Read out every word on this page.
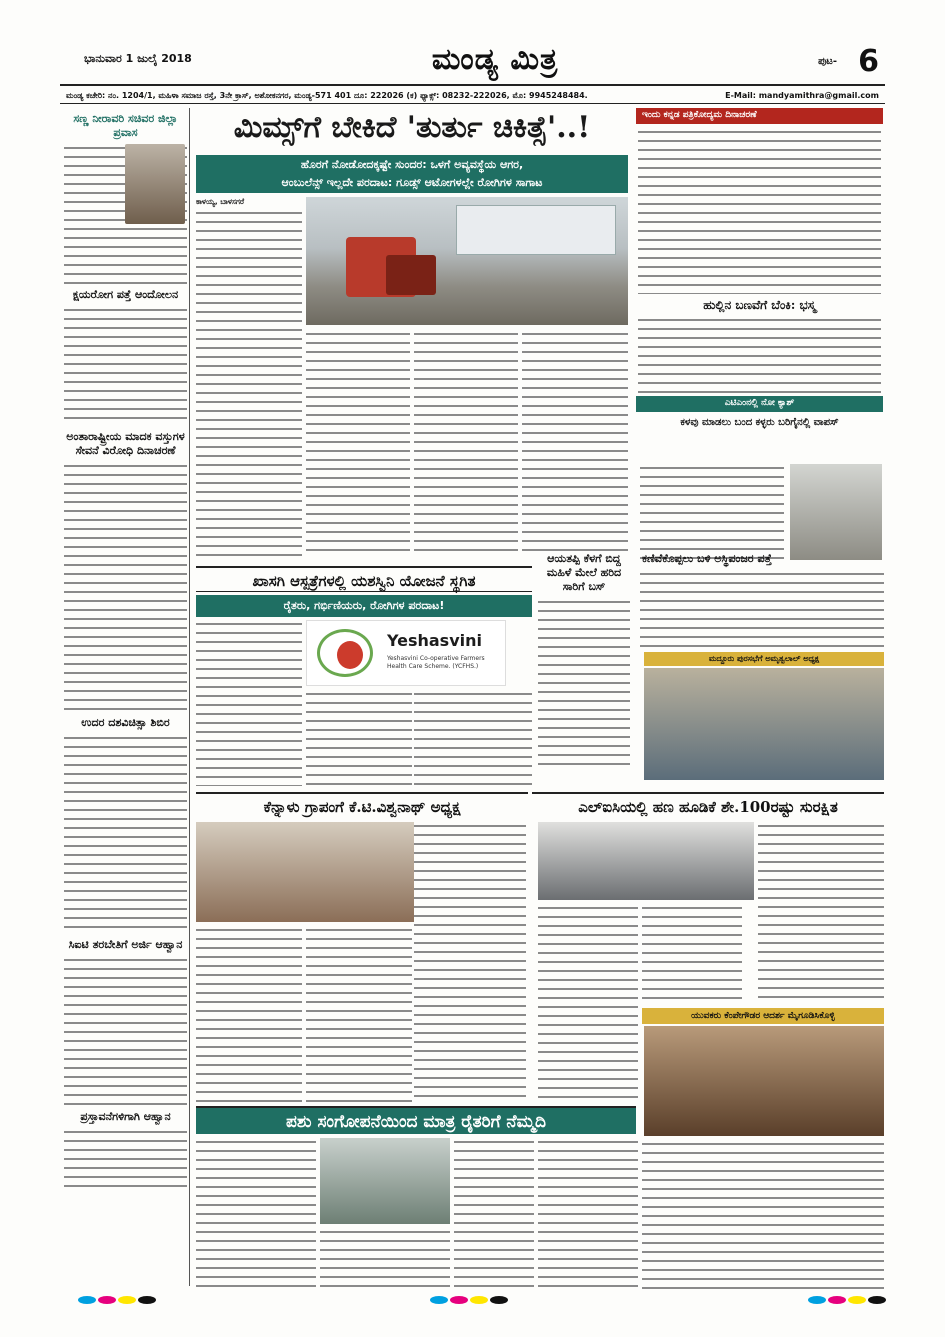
ಭಾನುವಾರ 1 ಜುಲೈ 2018	ಮಂಡ್ಯ ಮಿತ್ರ	ಪುಟ- 6
ಮಂಡ್ಯ ಕಚೇರಿ: ನಂ. 1204/1, ಮಹಿಳಾ ಸಮಾಜ ರಸ್ತೆ, 3ನೇ ಕ್ರಾಸ್, ಅಶೋಕನಗರ, ಮಂಡ್ಯ-571 401 ದೂ: 222026 (ಕ) ಫ್ಯಾಕ್ಸ್: 08232-222026, ಮೊ: 9945248484.	E-Mail: mandyamithra@gmail.com
ಸಣ್ಣ ನೀರಾವರಿ ಸಚಿವರ ಜಿಲ್ಲಾ ಪ್ರವಾಸ
ಕ್ಷಯರೋಗ ಪತ್ತೆ ಆಂದೋಲನ
ಅಂತಾರಾಷ್ಟ್ರೀಯ ಮಾದಕ ವಸ್ತುಗಳ ಸೇವನೆ ವಿರೋಧಿ ದಿನಾಚರಣೆ
ಉದರ ದಶವಿಚಿತ್ಸಾ ಶಿಬಿರ
ಸಿಐಟಿ ತರಬೇತಿಗೆ ಅರ್ಜಿ ಆಹ್ವಾನ
ಪ್ರಸ್ತಾವನೆಗಳಿಗಾಗಿ ಆಹ್ವಾನ
ಮಿಮ್ಸ್‌ಗೆ ಬೇಕಿದೆ 'ತುರ್ತು ಚಿಕಿತ್ಸೆ'..!
ಹೊರಗೆ ನೋಡೋದಕ್ಕಷ್ಟೇ ಸುಂದರ: ಒಳಗೆ ಅವ್ಯವಸ್ಥೆಯ ಆಗರ,
ಆಂಬುಲೆನ್ಸ್ ಇಲ್ಲದೇ ಪರದಾಟ: ಗೂಡ್ಸ್ ಆಟೋಗಳಲ್ಲೇ ರೋಗಿಗಳ ಸಾಗಾಟ
ಕಾಳಯ್ಯ, ಬಾಳಸಗರೆ
ಇಂದು ಕನ್ನಡ ಪತ್ರಿಕೋದ್ಯಮ ದಿನಾಚರಣೆ
ಹುಲ್ಲಿನ ಬಣವೆಗೆ ಬೆಂಕಿ: ಭಸ್ಮ
ಎಟಿಎಂನಲ್ಲಿ ನೋ ಕ್ಯಾಶ್
ಕಳವು ಮಾಡಲು ಬಂದ ಕಳ್ಳರು ಬರಿಗೈನಲ್ಲಿ ವಾಪಸ್
ಖಾಸಗಿ ಆಸ್ಪತ್ರೆಗಳಲ್ಲಿ ಯಶಸ್ವಿನಿ ಯೋಜನೆ ಸ್ಥಗಿತ
ರೈತರು, ಗರ್ಭಿಣಿಯರು, ರೋಗಿಗಳ ಪರದಾಟ!
Yeshasvini
Yeshasvini Co-operative Farmers Health Care Scheme. (YCFHS.)
ಆಯತಪ್ಪಿ ಕೆಳಗೆ ಬಿದ್ದ ಮಹಿಳೆ ಮೇಲೆ ಹರಿದ ಸಾರಿಗೆ ಬಸ್
ಕಣಿವೆಕೊಪ್ಪಲು ಬಳಿ ಅಸ್ಥಿಪಂಜರ ಪತ್ತೆ
ಮದ್ದೂರು ಪುರಸಭೆಗೆ ಅಮೃತ್ವಲಾಲ್ ಅಧ್ಯಕ್ಷ
ಕೆನ್ನಾಳು ಗ್ರಾಪಂಗೆ ಕೆ.ಟಿ.ವಿಶ್ವನಾಥ್ ಅಧ್ಯಕ್ಷ	ಎಲ್‌ಐಸಿಯಲ್ಲಿ ಹಣ ಹೂಡಿಕೆ ಶೇ.100ರಷ್ಟು ಸುರಕ್ಷಿತ
ಯುವಕರು ಕೆಂಪೇಗೌಡರ ಆದರ್ಶ ಮೈಗೂಡಿಸಿಕೊಳ್ಳಿ
ಪಶು ಸಂಗೋಪನೆಯಿಂದ ಮಾತ್ರ ರೈತರಿಗೆ ನೆಮ್ಮದಿ
